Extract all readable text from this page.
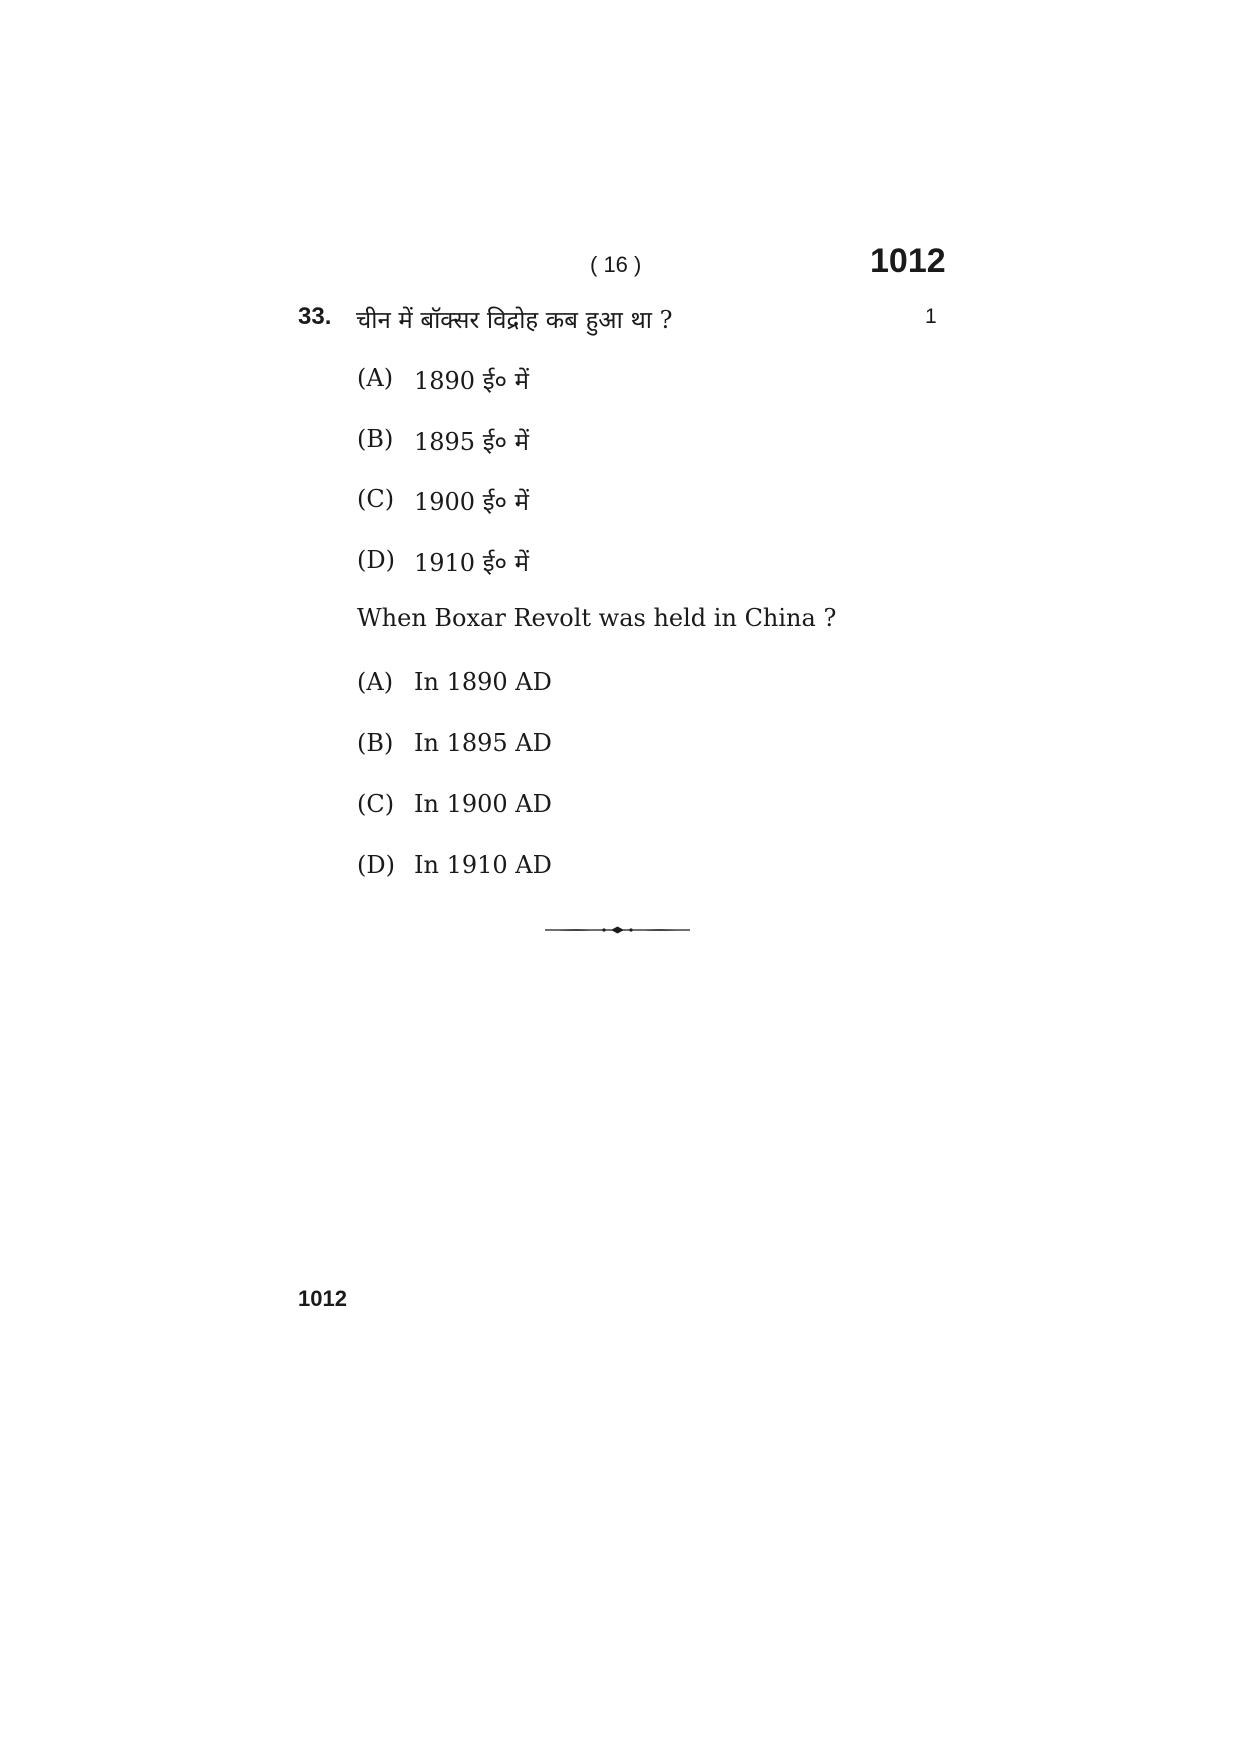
( 16 )	1012
33. चीन में बॉक्सर विद्रोह कब हुआ था ?	1
(A) 1890 ई० में
(B) 1895 ई० में
(C) 1900 ई० में
(D) 1910 ई० में
When Boxar Revolt was held in China ?
(A) In 1890 AD
(B) In 1895 AD
(C) In 1900 AD
(D) In 1910 AD
1012
